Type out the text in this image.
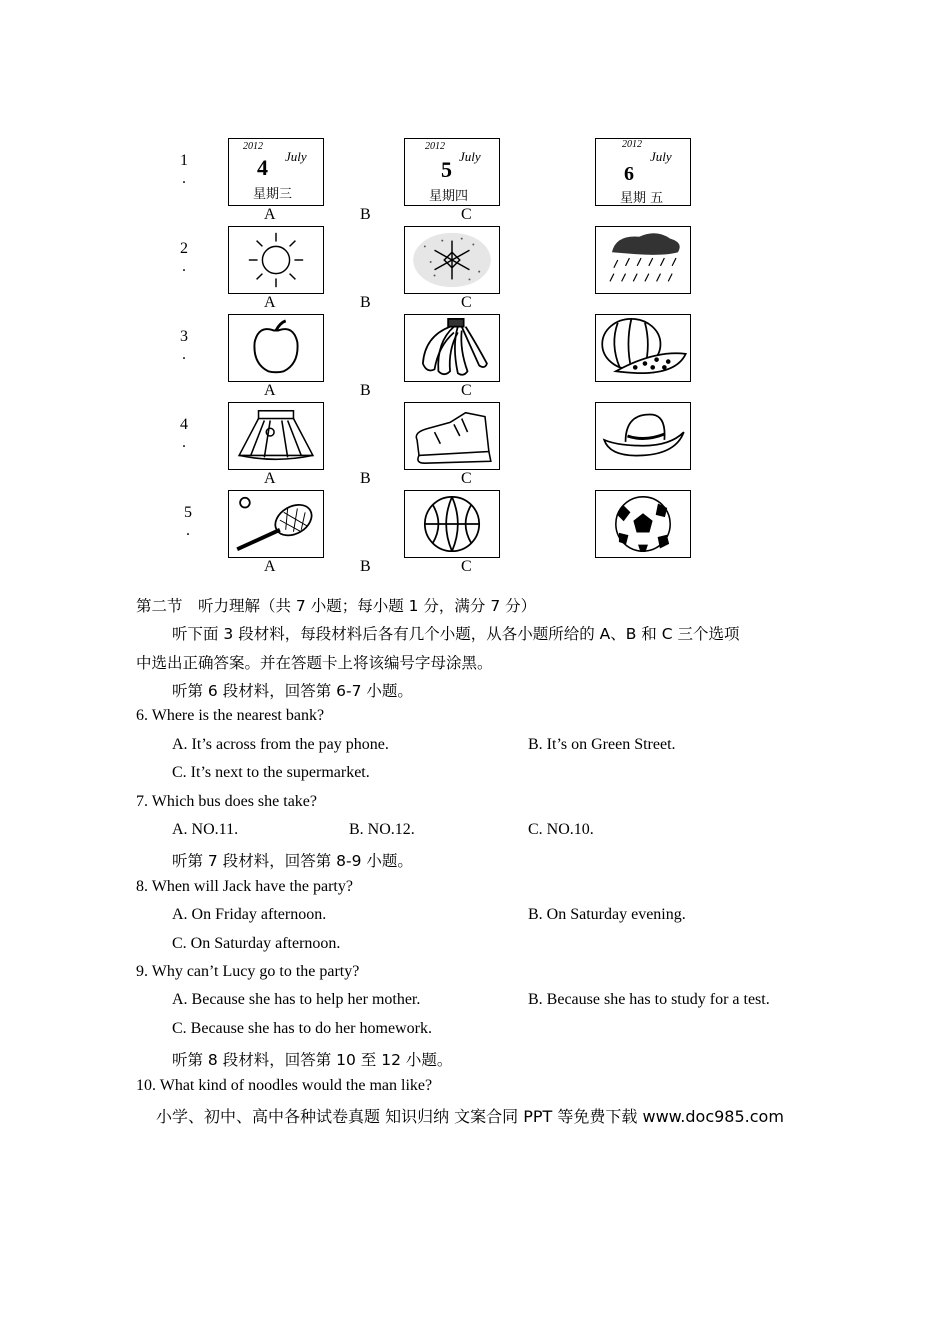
1
.
2012
July
4
星期三
2012
July
5
星期四
2012
July
6
星期 五
A	B	C
2
.
A	B	C
3
.
A	B	C
4
.
A	B	C
5
.
A	B	C
第二节　听力理解（共 7 小题；每小题 1 分，满分 7 分）
听下面 3 段材料，每段材料后各有几个小题，从各小题所给的 A、B 和 C 三个选项
中选出正确答案。并在答题卡上将该编号字母涂黑。
听第 6 段材料，回答第 6-7 小题。
6. Where is the nearest bank?
A. It’s across from the pay phone.	B. It’s on Green Street.
C. It’s next to the supermarket.
7. Which bus does she take?
A. NO.11.	B. NO.12.	C. NO.10.
听第 7 段材料，回答第 8-9 小题。
8. When will Jack have the party?
A. On Friday afternoon.	B. On Saturday evening.
C. On Saturday afternoon.
9. Why can’t Lucy go to the party?
A. Because she has to help her mother.	B. Because she has to study for a test.
C. Because she has to do her homework.
听第 8 段材料，回答第 10 至 12 小题。
10. What kind of noodles would the man like?
小学、初中、高中各种试卷真题 知识归纳 文案合同 PPT 等免费下载 www.doc985.com
